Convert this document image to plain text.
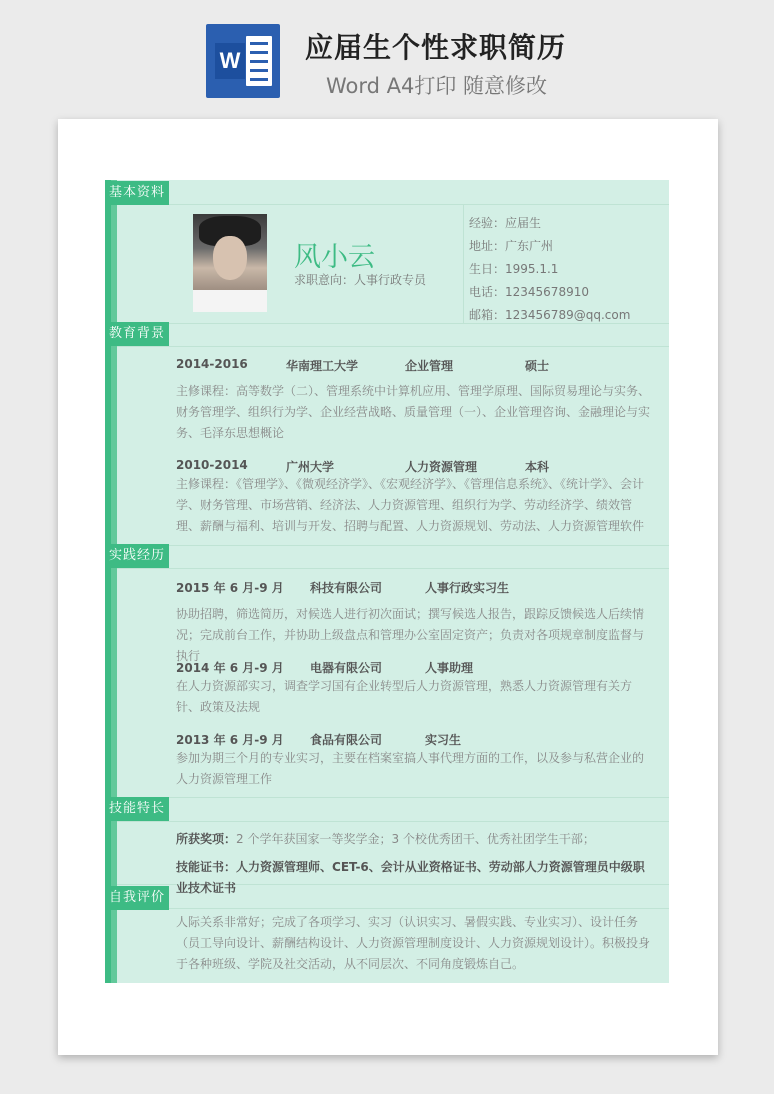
W 应届生个性求职简历
Word A4打印 随意修改
基本资料
教育背景
实践经历
技能特长
自我评价
风小云
求职意向：人事行政专员
经验：应届生
地址：广东广州
生日：1995.1.1
电话：12345678910
邮箱：123456789@qq.com
2014-2016	华南理工大学	企业管理	硕士
主修课程：高等数学（二）、管理系统中计算机应用、管理学原理、国际贸易理论与实务、财务管理学、组织行为学、企业经营战略、质量管理（一）、企业管理咨询、金融理论与实务、毛泽东思想概论
2010-2014	广州大学	人力资源管理	本科
主修课程：《管理学》、《微观经济学》、《宏观经济学》、《管理信息系统》、《统计学》、会计学、财务管理、市场营销、经济法、人力资源管理、组织行为学、劳动经济学、绩效管理、薪酬与福利、培训与开发、招聘与配置、人力资源规划、劳动法、人力资源管理软件
2015 年 6 月-9 月 科技有限公司	人事行政实习生
协助招聘，筛选简历，对候选人进行初次面试；撰写候选人报告，跟踪反馈候选人后续情况；完成前台工作，并协助上级盘点和管理办公室固定资产；负责对各项规章制度监督与执行
2014 年 6 月-9 月 电器有限公司	人事助理
在人力资源部实习，调查学习国有企业转型后人力资源管理，熟悉人力资源管理有关方针、政策及法规
2013 年 6 月-9 月 食品有限公司	实习生
参加为期三个月的专业实习，主要在档案室搞人事代理方面的工作，以及参与私营企业的人力资源管理工作
所获奖项：2 个学年获国家一等奖学金；3 个校优秀团干、优秀社团学生干部；
技能证书：人力资源管理师、CET-6、会计从业资格证书、劳动部人力资源管理员中级职业技术证书
人际关系非常好；完成了各项学习、实习（认识实习、暑假实践、专业实习）、设计任务（员工导向设计、薪酬结构设计、人力资源管理制度设计、人力资源规划设计）。积极投身于各种班级、学院及社交活动，从不同层次、不同角度锻炼自己。
